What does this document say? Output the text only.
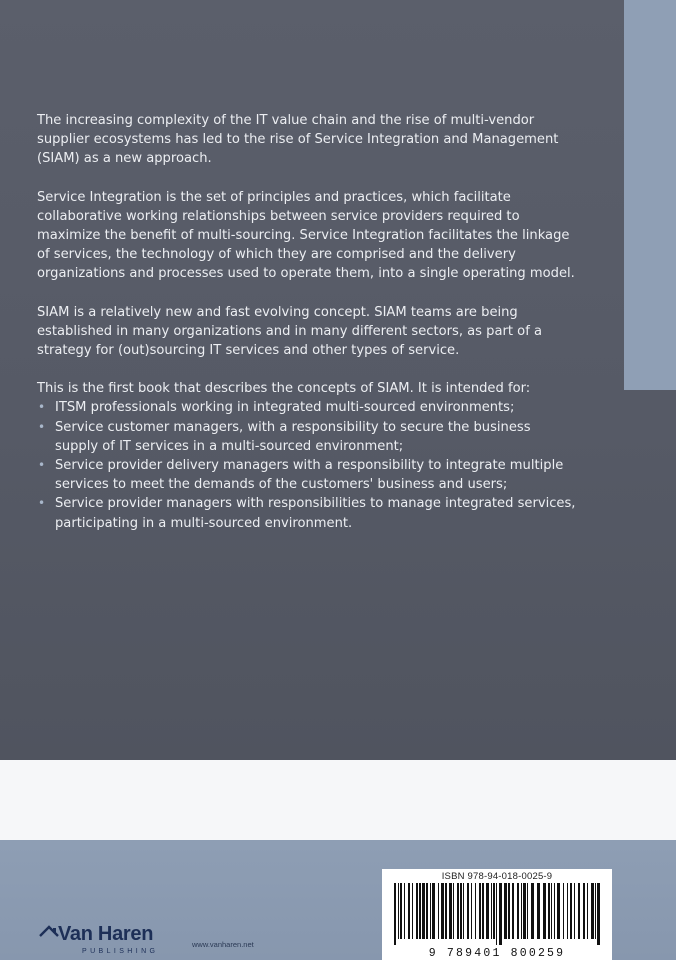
The increasing complexity of the IT value chain and the rise of multi-vendor supplier ecosystems has led to the rise of Service Integration and Management (SIAM) as a new approach.

Service Integration is the set of principles and practices, which facilitate collaborative working relationships between service providers required to maximize the benefit of multi-sourcing. Service Integration facilitates the linkage of services, the technology of which they are comprised and the delivery organizations and processes used to operate them, into a single operating model.

SIAM is a relatively new and fast evolving concept. SIAM teams are being established in many organizations and in many different sectors, as part of a strategy for (out)sourcing IT services and other types of service.

This is the first book that describes the concepts of SIAM. It is intended for:

• ITSM professionals working in integrated multi-sourced environments;
• Service customer managers, with a responsibility to secure the business supply of IT services in a multi-sourced environment;
• Service provider delivery managers with a responsibility to integrate multiple services to meet the demands of the customers' business and users;
• Service provider managers with responsibilities to manage integrated services, participating in a multi-sourced environment.
Van Haren
PUBLISHING
www.vanharen.net
ISBN 978-94-018-0025-9
9 789401 800259
